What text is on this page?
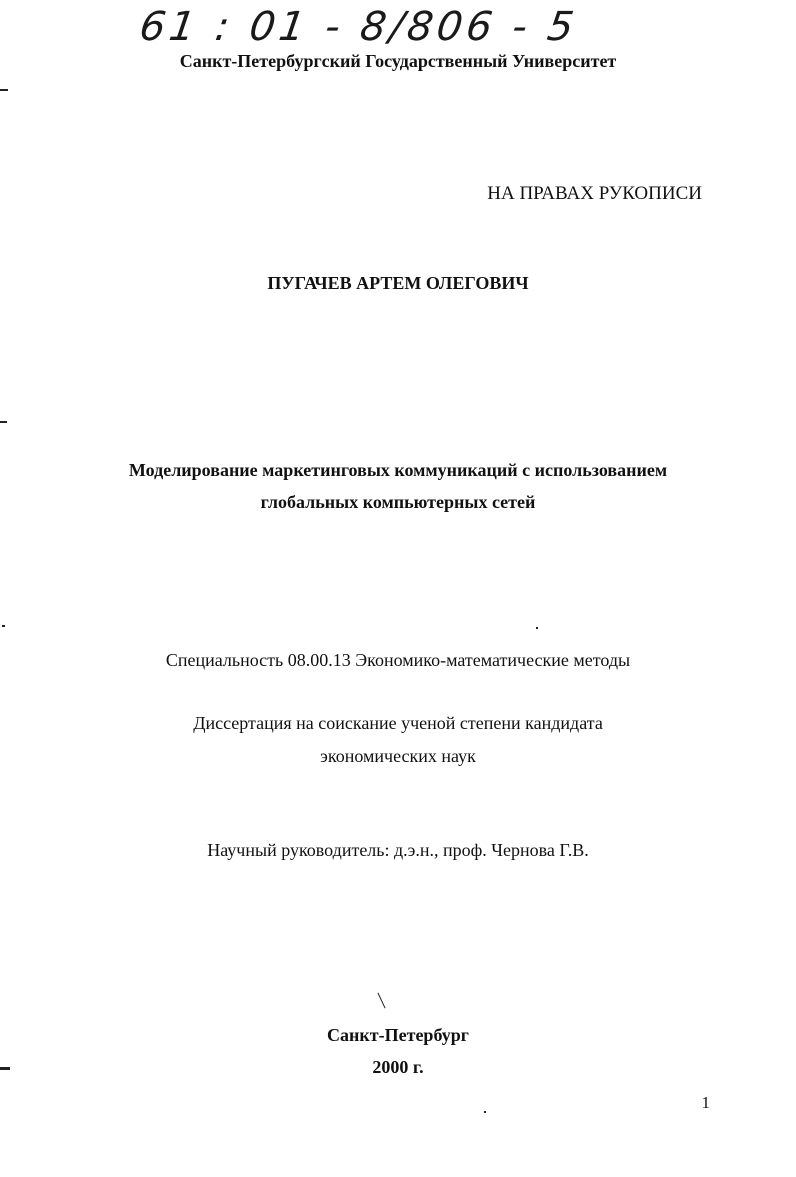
61 : 01 - 8/806 - 5
Санкт-Петербургский Государственный Университет
НА ПРАВАХ РУКОПИСИ
ПУГАЧЕВ АРТЕМ ОЛЕГОВИЧ
Моделирование маркетинговых коммуникаций с использованием
глобальных компьютерных сетей
Специальность 08.00.13 Экономико-математические методы
Диссертация на соискание ученой степени кандидата
экономических наук
Научный руководитель: д.э.н., проф. Чернова Г.В.
Санкт-Петербург
2000 г.
1
